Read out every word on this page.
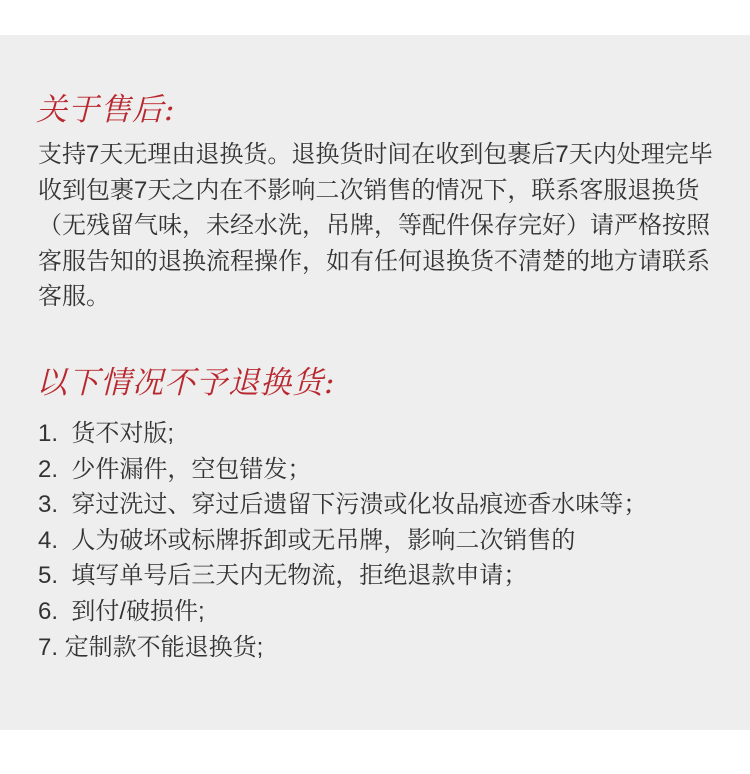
关于售后:
支持7天无理由退换货。退换货时间在收到包裹后7天内处理完毕
收到包裹7天之内在不影响二次销售的情况下，联系客服退换货
（无残留气味，未经水洗，吊牌，等配件保存完好）请严格按照
客服告知的退换流程操作，如有任何退换货不清楚的地方请联系
客服。
以下情况不予退换货:
1.  货不对版;
2.  少件漏件，空包错发；
3.  穿过洗过、穿过后遗留下污溃或化妆品痕迹香水味等；
4.  人为破坏或标牌拆卸或无吊牌，影响二次销售的
5.  填写单号后三天内无物流，拒绝退款申请；
6.  到付/破损件;
7. 定制款不能退换货;
